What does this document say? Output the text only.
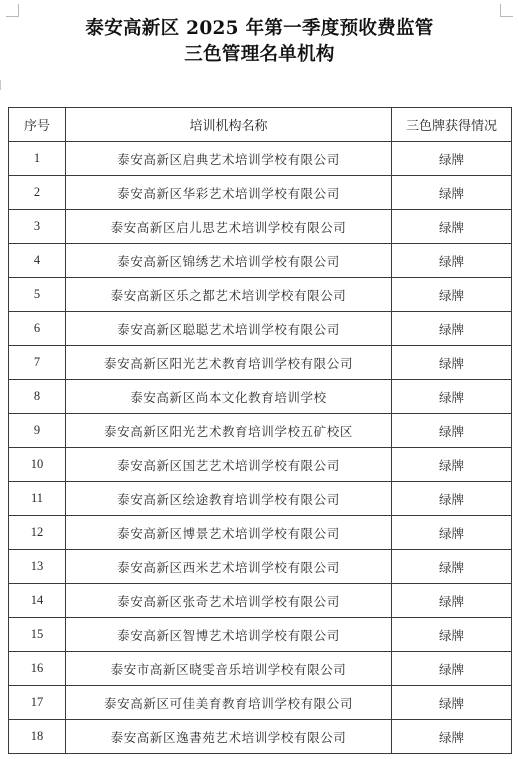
泰安高新区 2025 年第一季度预收费监管
三色管理名单机构
序号	培训机构名称	三色牌获得情况
1	泰安高新区启典艺术培训学校有限公司	绿牌
2	泰安高新区华彩艺术培训学校有限公司	绿牌
3	泰安高新区启儿思艺术培训学校有限公司	绿牌
4	泰安高新区锦绣艺术培训学校有限公司	绿牌
5	泰安高新区乐之都艺术培训学校有限公司	绿牌
6	泰安高新区聪聪艺术培训学校有限公司	绿牌
7	泰安高新区阳光艺术教育培训学校有限公司	绿牌
8	泰安高新区尚本文化教育培训学校	绿牌
9	泰安高新区阳光艺术教育培训学校五矿校区	绿牌
10	泰安高新区国艺艺术培训学校有限公司	绿牌
11	泰安高新区绘途教育培训学校有限公司	绿牌
12	泰安高新区博景艺术培训学校有限公司	绿牌
13	泰安高新区西米艺术培训学校有限公司	绿牌
14	泰安高新区张奇艺术培训学校有限公司	绿牌
15	泰安高新区智博艺术培训学校有限公司	绿牌
16	泰安市高新区晓雯音乐培训学校有限公司	绿牌
17	泰安高新区可佳美育教育培训学校有限公司	绿牌
18	泰安高新区逸書苑艺术培训学校有限公司	绿牌
